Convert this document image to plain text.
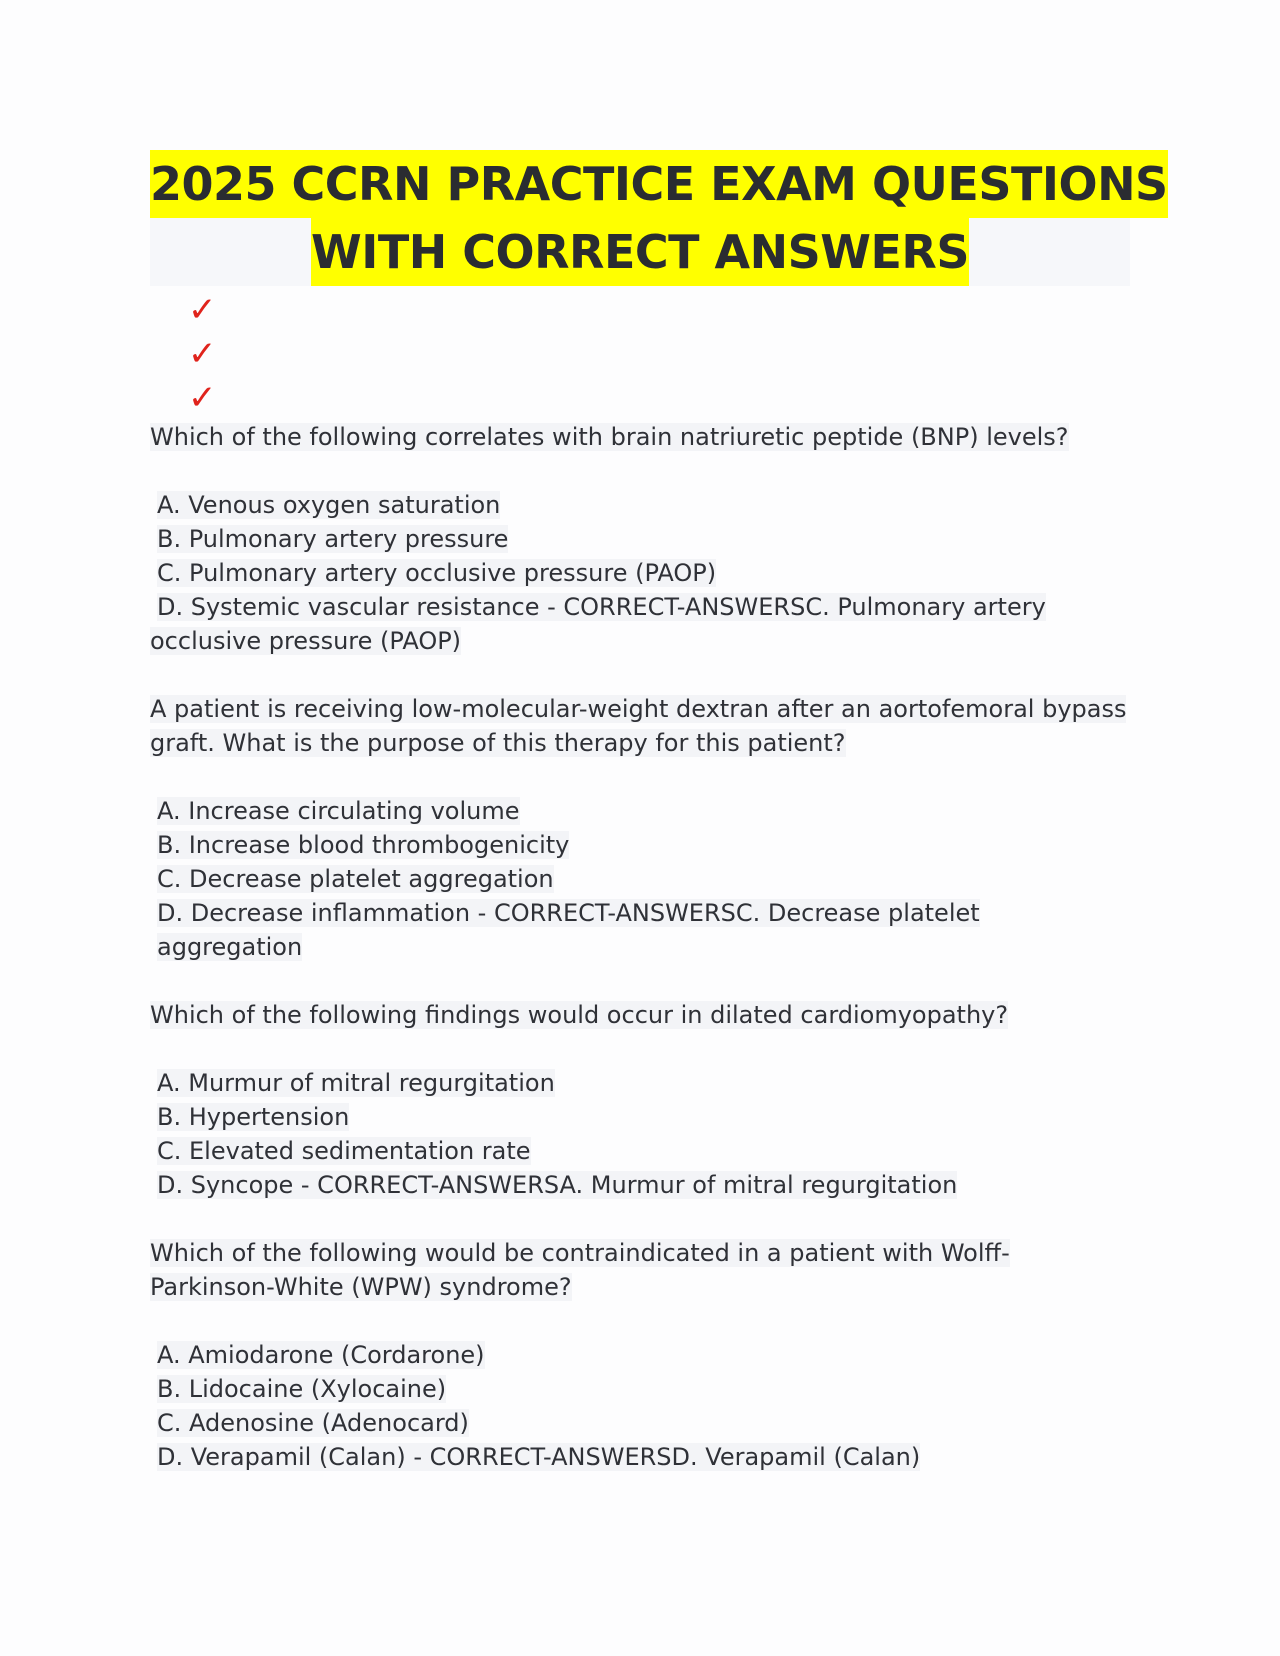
2025 CCRN PRACTICE EXAM QUESTIONS
WITH CORRECT ANSWERS
✓
✓
✓

Which of the following correlates with brain natriuretic peptide (BNP) levels?

A. Venous oxygen saturation

B. Pulmonary artery pressure

C. Pulmonary artery occlusive pressure (PAOP)

D. Systemic vascular resistance - CORRECT-ANSWERSC. Pulmonary artery occlusive pressure (PAOP)

A patient is receiving low-molecular-weight dextran after an aortofemoral bypass graft. What is the purpose of this therapy for this patient?

A. Increase circulating volume

B. Increase blood thrombogenicity

C. Decrease platelet aggregation

D. Decrease inflammation - CORRECT-ANSWERSC. Decrease platelet aggregation

Which of the following findings would occur in dilated cardiomyopathy?

A. Murmur of mitral regurgitation

B. Hypertension

C. Elevated sedimentation rate

D. Syncope - CORRECT-ANSWERSA. Murmur of mitral regurgitation

Which of the following would be contraindicated in a patient with Wolff-Parkinson-White (WPW) syndrome?

A. Amiodarone (Cordarone)

B. Lidocaine (Xylocaine)

C. Adenosine (Adenocard)

D. Verapamil (Calan) - CORRECT-ANSWERSD. Verapamil (Calan)
